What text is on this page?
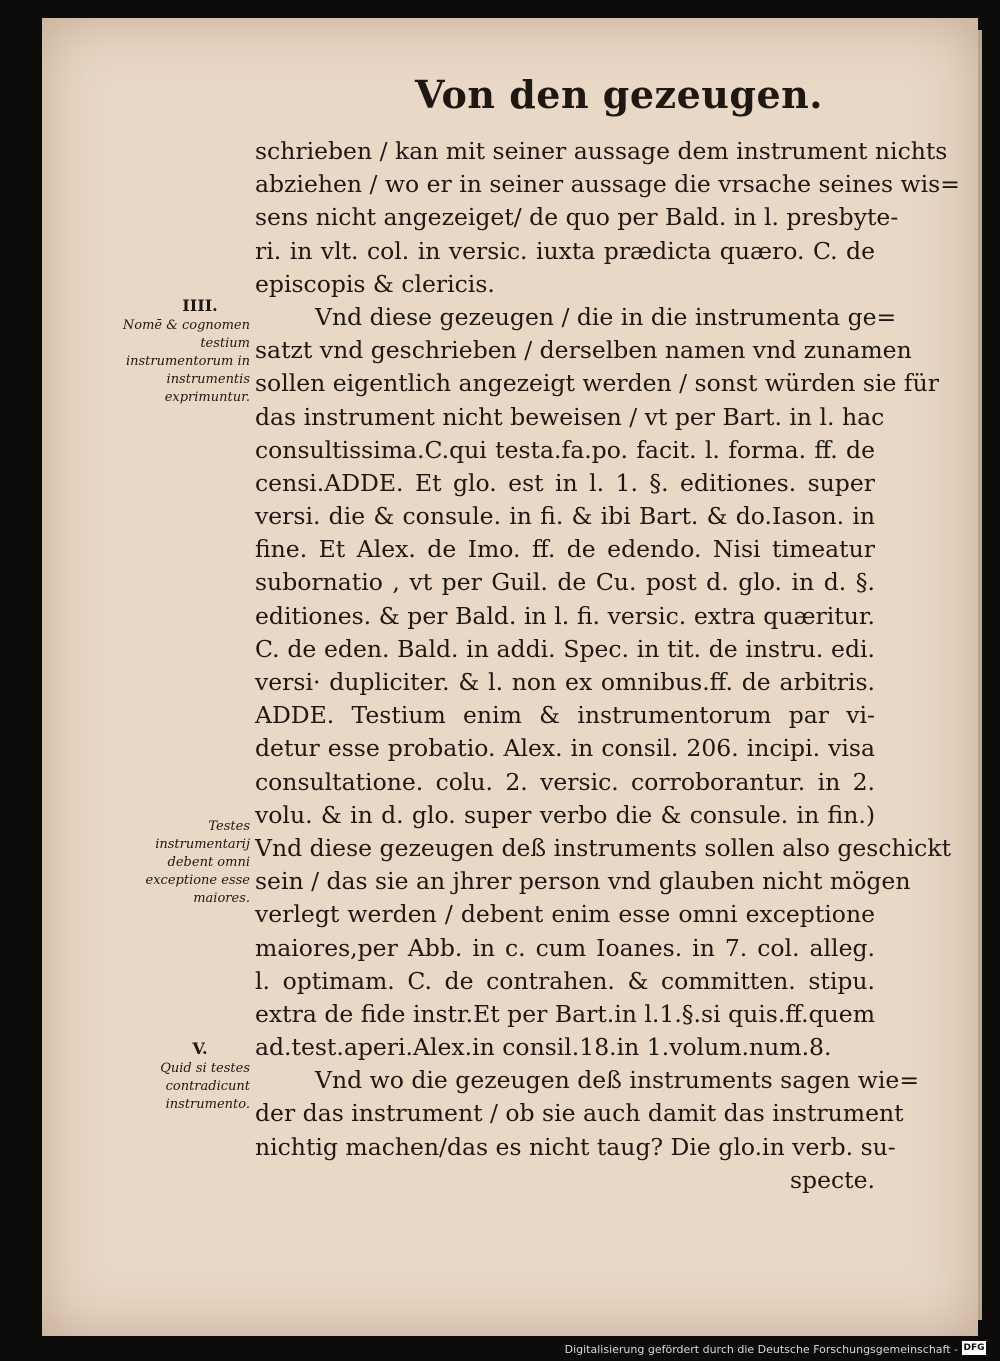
Von den gezeugen.
schrieben / kan mit seiner aussage dem instrument nichts
abziehen / wo er in seiner aussage die vrsache seines wis=
sens nicht angezeiget/ de quo per Bald. in l. presbyte-
ri. in vlt. col. in versic. iuxta prædicta quæro. C. de
episcopis & clericis.
Vnd diese gezeugen / die in die instrumenta ge=
satzt vnd geschrieben / derselben namen vnd zunamen
sollen eigentlich angezeigt werden / sonst würden sie für
das instrument nicht beweisen / vt per Bart. in l. hac
consultissima.C.qui testa.fa.po. facit. l. forma. ff. de
censi.ADDE. Et glo. est in l. 1. §. editiones. super
versi. die & consule. in fi. & ibi Bart. & do.Iason. in
fine. Et Alex. de Imo. ff. de edendo. Nisi timeatur
subornatio , vt per Guil. de Cu. post d. glo. in d. §.
editiones. & per Bald. in l. fi. versic. extra quæritur.
C. de eden. Bald. in addi. Spec. in tit. de instru. edi.
versi· dupliciter. & l. non ex omnibus.ff. de arbitris.
ADDE. Testium enim & instrumentorum par vi-
detur esse probatio. Alex. in consil. 206. incipi. visa
consultatione. colu. 2. versic. corroborantur. in 2.
volu. & in d. glo. super verbo die & consule. in fin.)
Vnd diese gezeugen deß instruments sollen also geschickt
sein / das sie an jhrer person vnd glauben nicht mögen
verlegt werden / debent enim esse omni exceptione
maiores,per Abb. in c. cum Ioanes. in 7. col. alleg.
l. optimam. C. de contrahen. & committen. stipu.
extra de fide instr.Et per Bart.in l.1.§.si quis.ff.quem
ad.test.aperi.Alex.in consil.18.in 1.volum.num.8.
Vnd wo die gezeugen deß instruments sagen wie=
der das instrument / ob sie auch damit das instrument
nichtig machen/das es nicht taug? Die glo.in verb. su-
specte.
IIII.
Nomē & cognomen testium instrumentorum in instrumentis exprimuntur.
Testes instrumentarij debent omni exceptione esse maiores.
V.
Quid si testes contradicunt instrumento.
Digitalisierung gefördert durch die Deutsche Forschungsgemeinschaft - DFG
